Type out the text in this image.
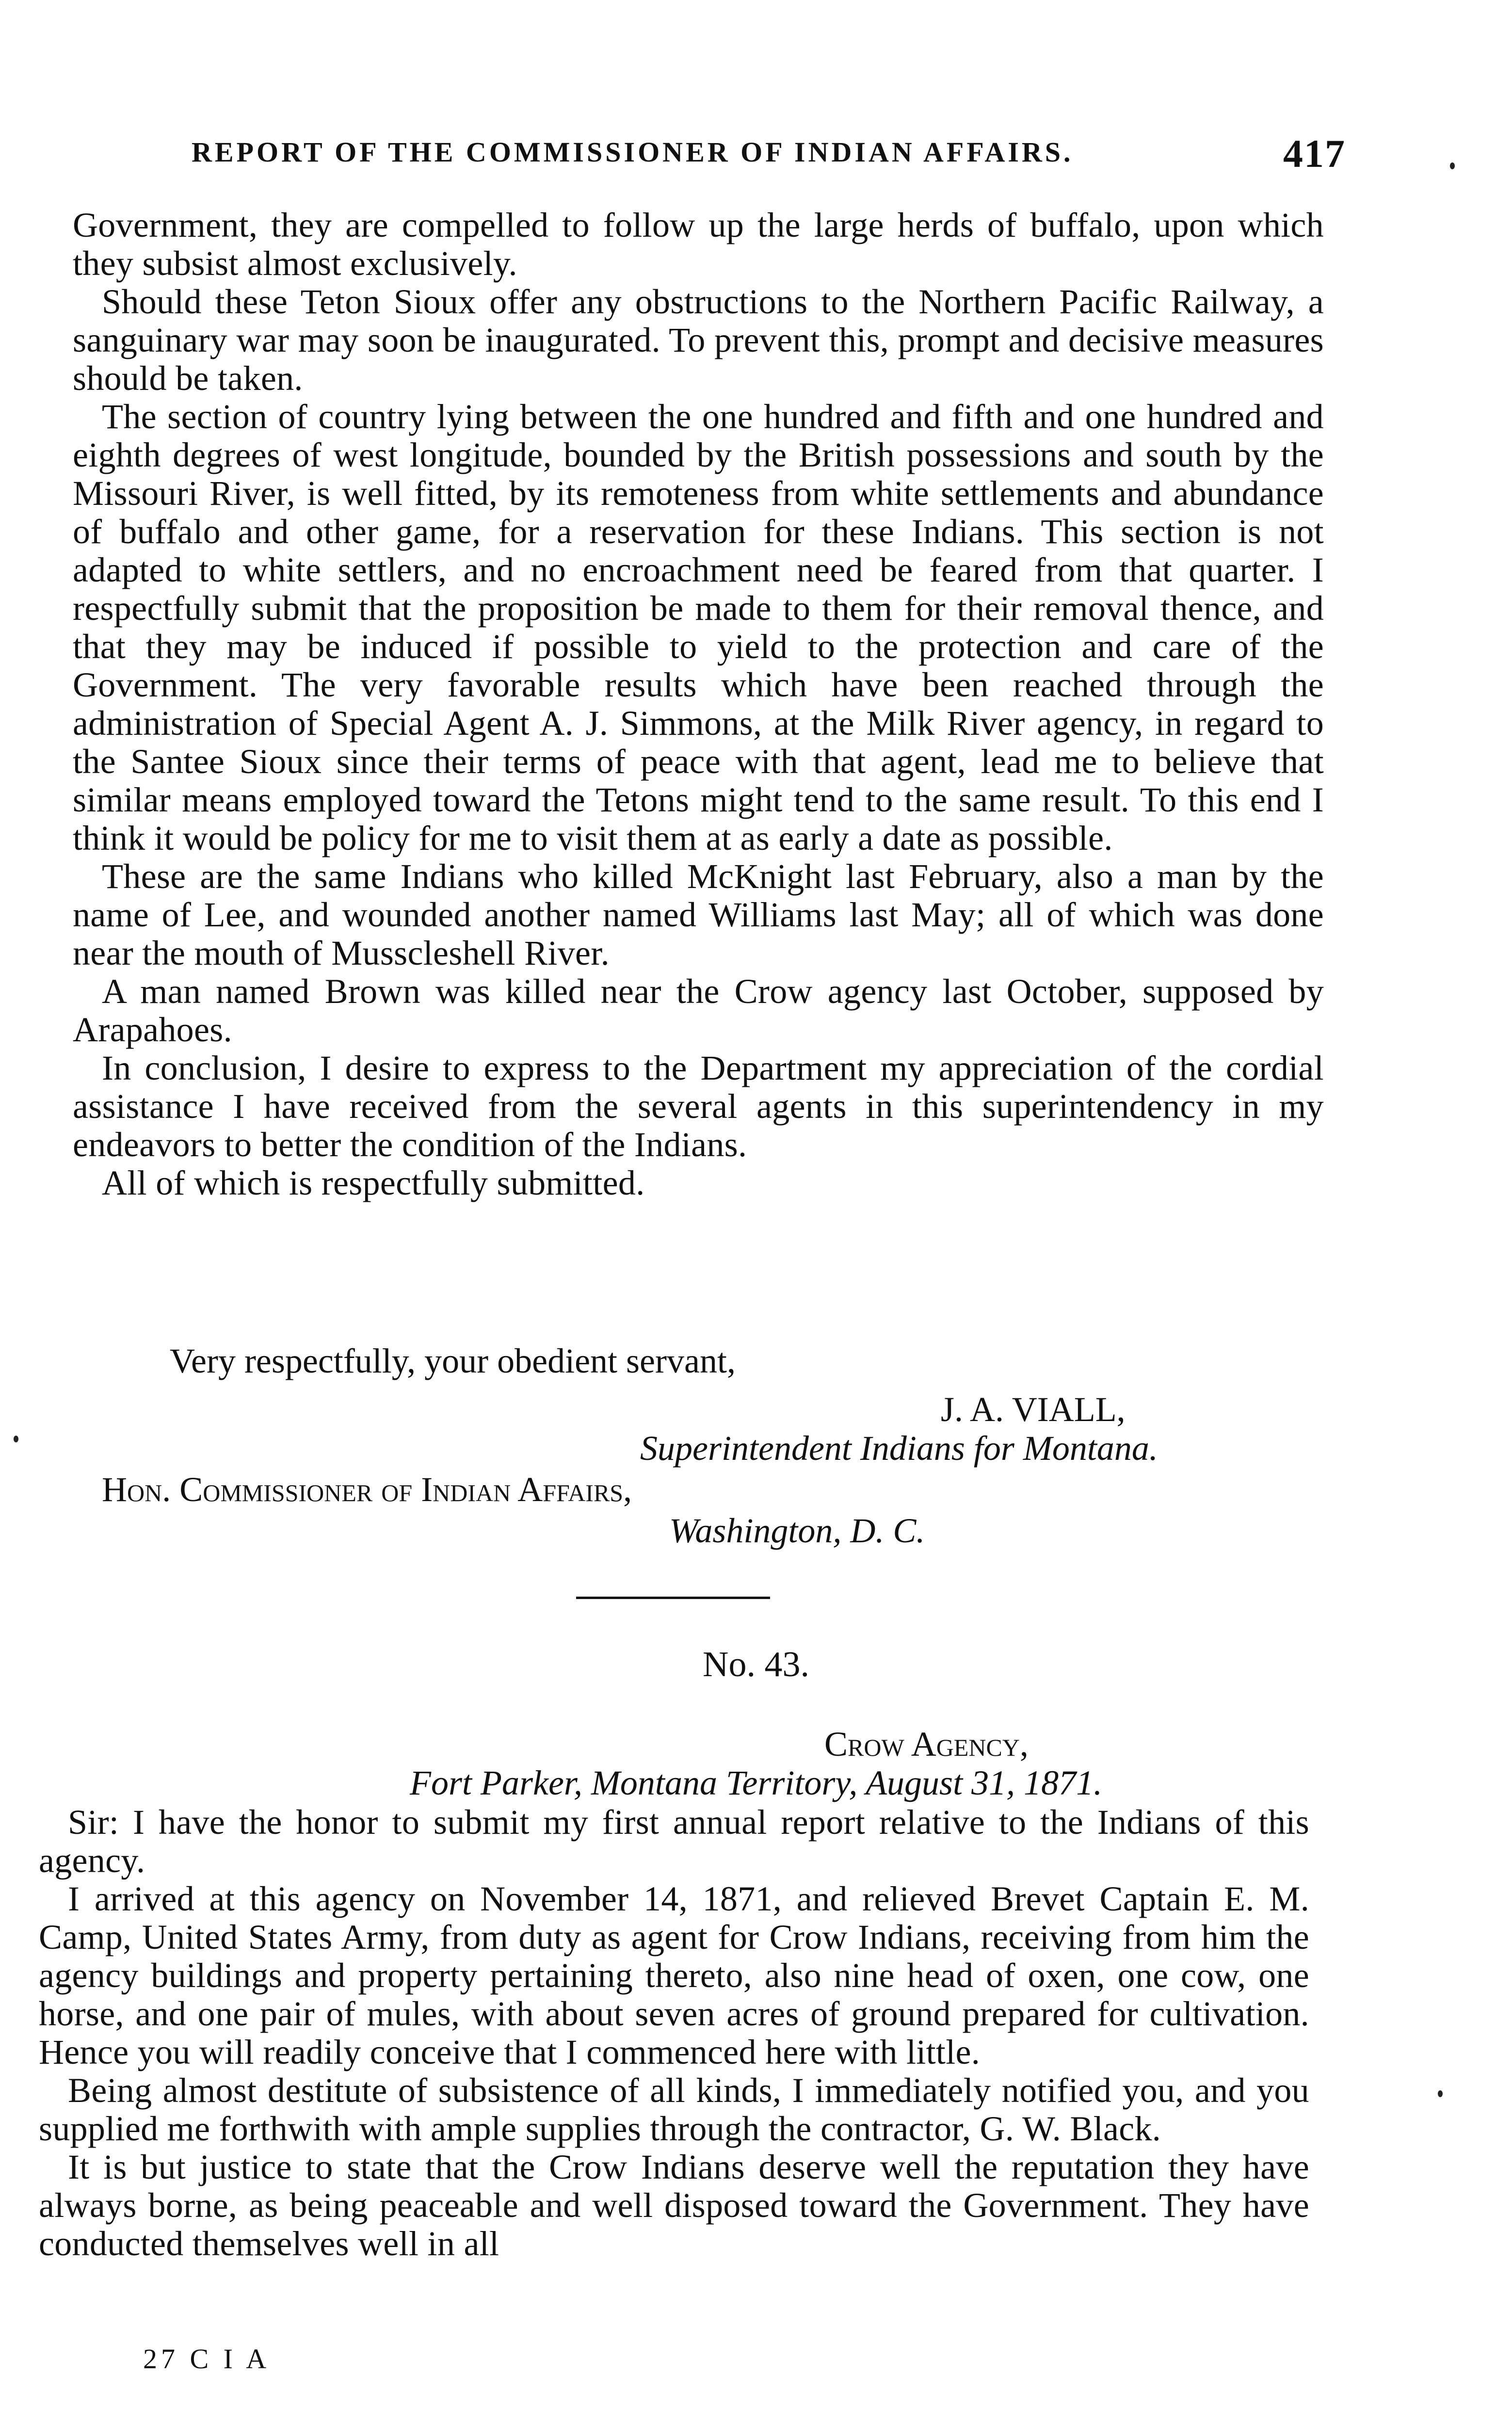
REPORT OF THE COMMISSIONER OF INDIAN AFFAIRS.	417

Government, they are compelled to follow up the large herds of buffalo, upon which they subsist almost exclusively.

Should these Teton Sioux offer any obstructions to the Northern Pacific Railway, a sanguinary war may soon be inaugurated. To prevent this, prompt and decisive measures should be taken.

The section of country lying between the one hundred and fifth and one hundred and eighth degrees of west longitude, bounded by the British possessions and south by the Missouri River, is well fitted, by its remoteness from white settlements and abundance of buffalo and other game, for a reservation for these Indians. This section is not adapted to white settlers, and no encroachment need be feared from that quarter. I respectfully submit that the proposition be made to them for their removal thence, and that they may be induced if possible to yield to the protection and care of the Government. The very favorable results which have been reached through the administration of Special Agent A. J. Simmons, at the Milk River agency, in regard to the Santee Sioux since their terms of peace with that agent, lead me to believe that similar means employed toward the Tetons might tend to the same result. To this end I think it would be policy for me to visit them at as early a date as possible.

These are the same Indians who killed McKnight last February, also a man by the name of Lee, and wounded another named Williams last May; all of which was done near the mouth of Musscleshell River.

A man named Brown was killed near the Crow agency last October, supposed by Arapahoes.

In conclusion, I desire to express to the Department my appreciation of the cordial assistance I have received from the several agents in this superintendency in my endeavors to better the condition of the Indians.

All of which is respectfully submitted.

Very respectfully, your obedient servant,
J. A. VIALL,
Superintendent Indians for Montana.
Hon. Commissioner of Indian Affairs,
Washington, D. C.
No. 43.
Crow Agency,
Fort Parker, Montana Territory, August 31, 1871.

Sir: I have the honor to submit my first annual report relative to the Indians of this agency.

I arrived at this agency on November 14, 1871, and relieved Brevet Captain E. M. Camp, United States Army, from duty as agent for Crow Indians, receiving from him the agency buildings and property pertaining thereto, also nine head of oxen, one cow, one horse, and one pair of mules, with about seven acres of ground prepared for cultivation. Hence you will readily conceive that I commenced here with little.

Being almost destitute of subsistence of all kinds, I immediately notified you, and you supplied me forthwith with ample supplies through the contractor, G. W. Black.

It is but justice to state that the Crow Indians deserve well the reputation they have always borne, as being peaceable and well disposed toward the Government. They have conducted themselves well in all

27 C I A
